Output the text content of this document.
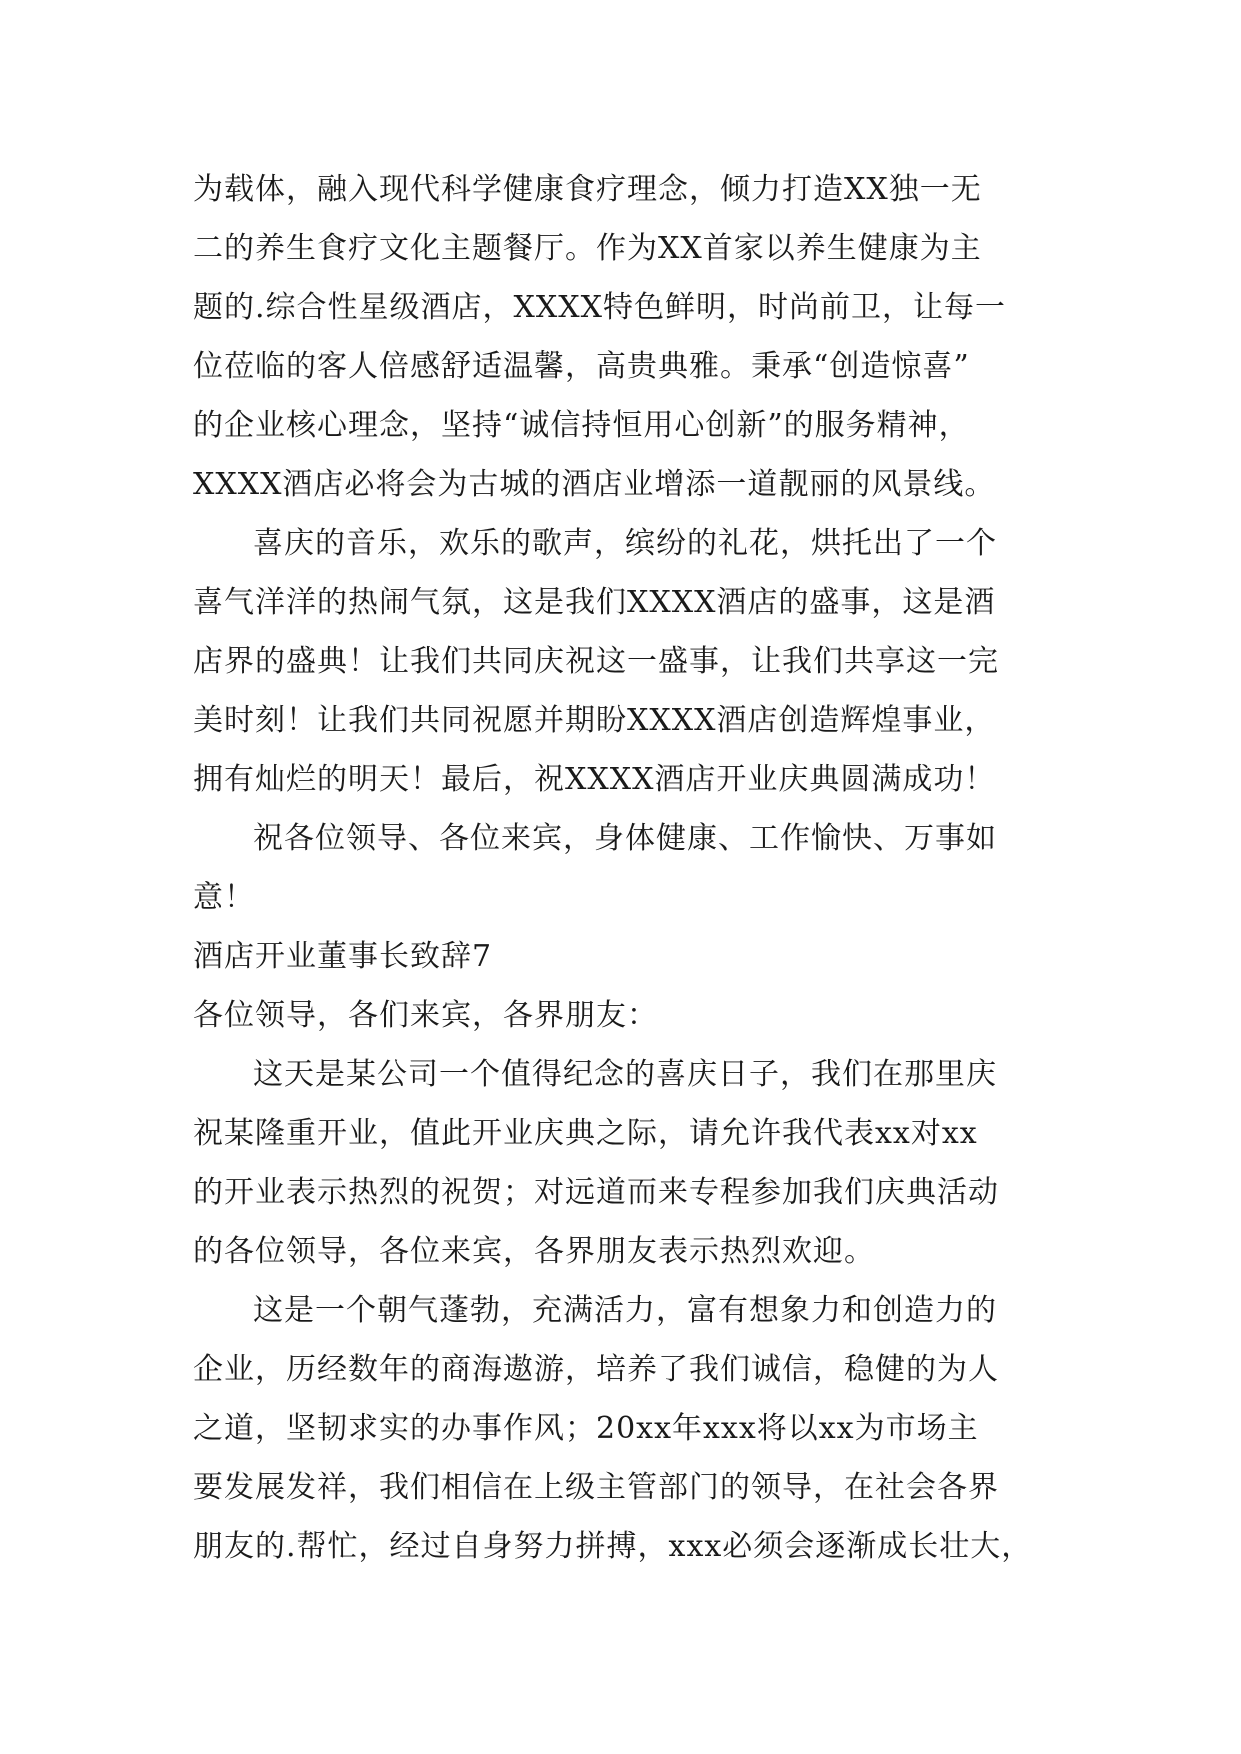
为载体，融入现代科学健康食疗理念，倾力打造XX独一无
二的养生食疗文化主题餐厅。作为XX首家以养生健康为主
题的.综合性星级酒店，XXXX特色鲜明，时尚前卫，让每一
位莅临的客人倍感舒适温馨，高贵典雅。秉承“创造惊喜”
的企业核心理念，坚持“诚信持恒用心创新”的服务精神，
XXXX酒店必将会为古城的酒店业增添一道靓丽的风景线。
喜庆的音乐，欢乐的歌声，缤纷的礼花，烘托出了一个
喜气洋洋的热闹气氛，这是我们XXXX酒店的盛事，这是酒
店界的盛典！让我们共同庆祝这一盛事，让我们共享这一完
美时刻！让我们共同祝愿并期盼XXXX酒店创造辉煌事业，
拥有灿烂的明天！最后，祝XXXX酒店开业庆典圆满成功！
祝各位领导、各位来宾，身体健康、工作愉快、万事如
意！
酒店开业董事长致辞7
各位领导，各们来宾，各界朋友：
这天是某公司一个值得纪念的喜庆日子，我们在那里庆
祝某隆重开业，值此开业庆典之际，请允许我代表xx对xx
的开业表示热烈的祝贺；对远道而来专程参加我们庆典活动
的各位领导，各位来宾，各界朋友表示热烈欢迎。
这是一个朝气蓬勃，充满活力，富有想象力和创造力的
企业，历经数年的商海遨游，培养了我们诚信，稳健的为人
之道，坚韧求实的办事作风；20xx年xxx将以xx为市场主
要发展发祥，我们相信在上级主管部门的领导，在社会各界
朋友的.帮忙，经过自身努力拼搏，xxx必须会逐渐成长壮大，
